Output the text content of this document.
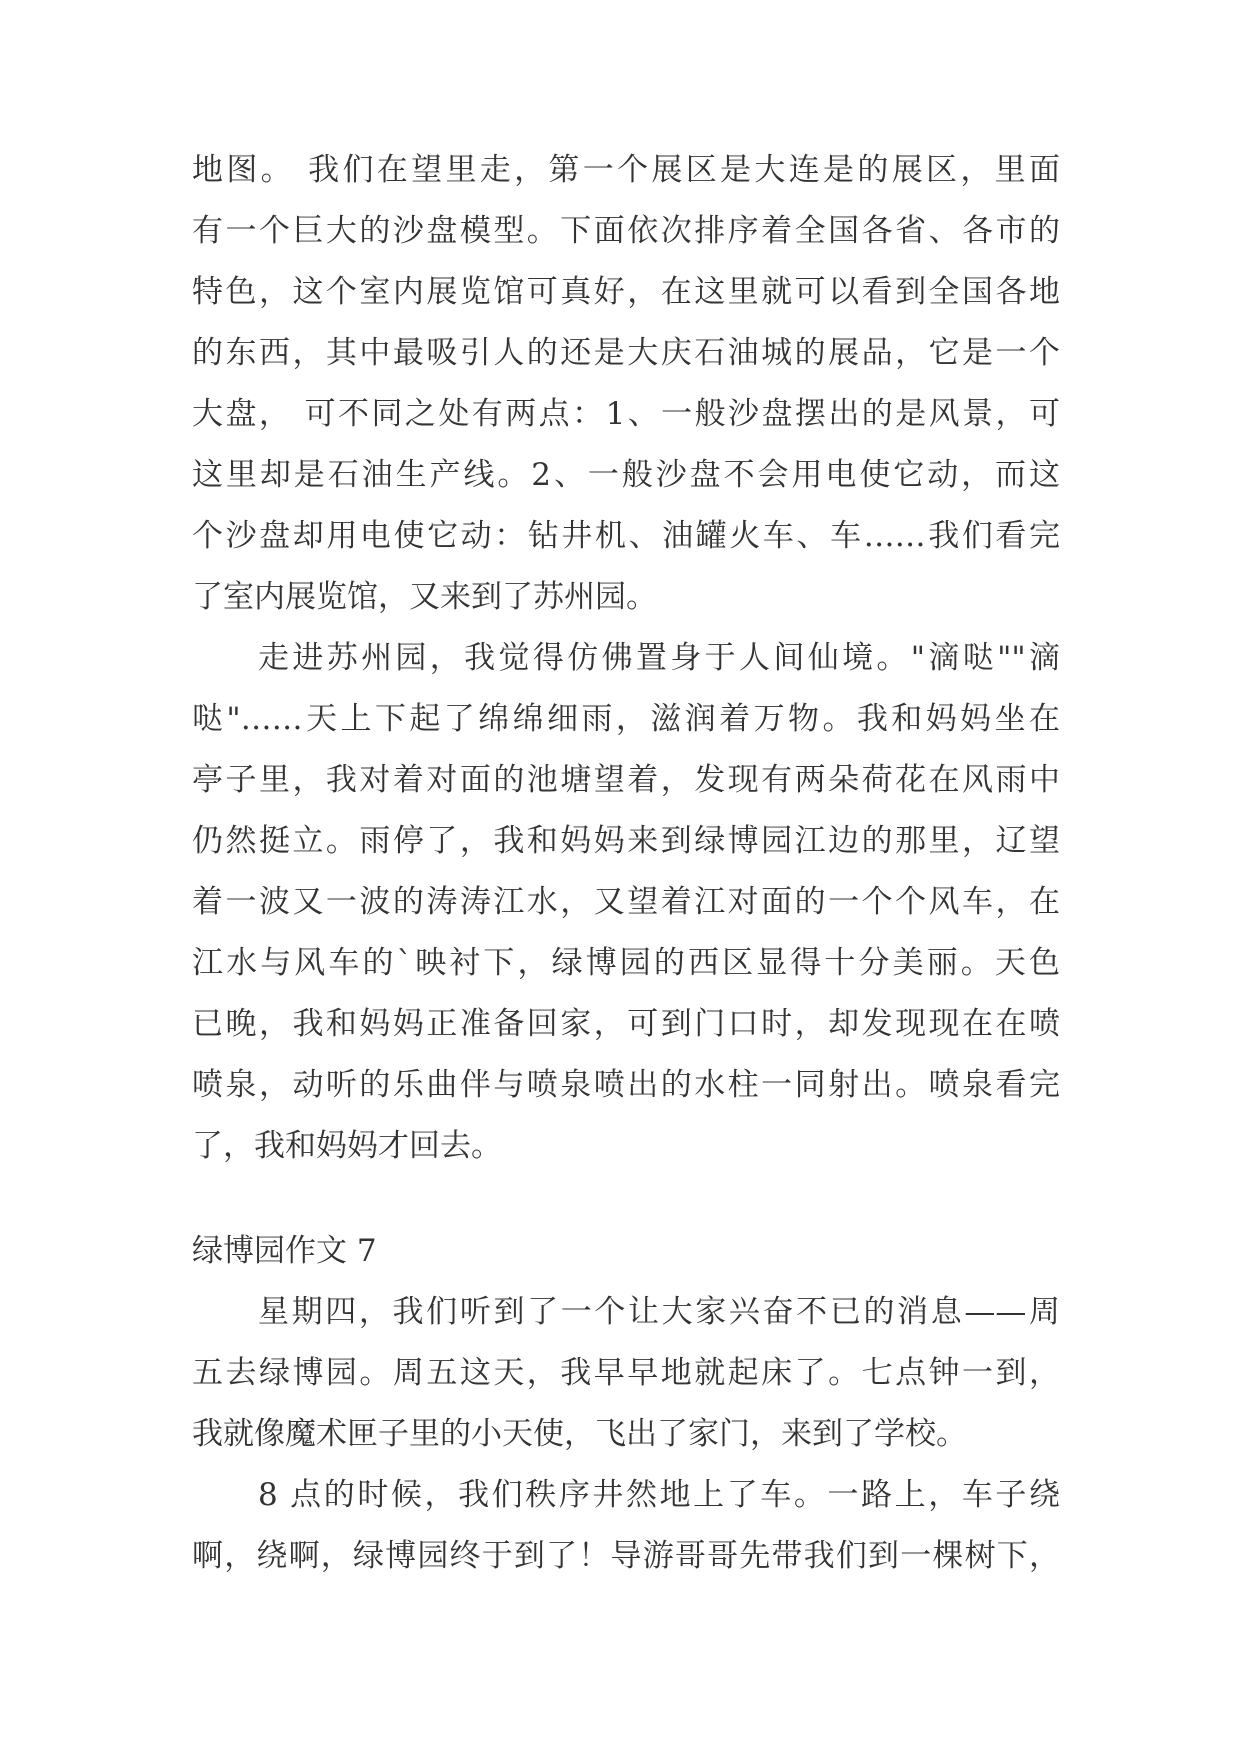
地图。 我们在望里走，第一个展区是大连是的展区，里面
有一个巨大的沙盘模型。下面依次排序着全国各省、各市的
特色，这个室内展览馆可真好，在这里就可以看到全国各地
的东西，其中最吸引人的还是大庆石油城的展品，它是一个
大盘， 可不同之处有两点：1、一般沙盘摆出的是风景，可
这里却是石油生产线。2、一般沙盘不会用电使它动，而这
个沙盘却用电使它动：钻井机、油罐火车、车……我们看完
了室内展览馆，又来到了苏州园。
走进苏州园，我觉得仿佛置身于人间仙境。"滴哒""滴
哒"……天上下起了绵绵细雨，滋润着万物。我和妈妈坐在
亭子里，我对着对面的池塘望着，发现有两朵荷花在风雨中
仍然挺立。雨停了，我和妈妈来到绿博园江边的那里，辽望
着一波又一波的涛涛江水，又望着江对面的一个个风车，在
江水与风车的`映衬下，绿博园的西区显得十分美丽。天色
已晚，我和妈妈正准备回家，可到门口时，却发现现在在喷
喷泉，动听的乐曲伴与喷泉喷出的水柱一同射出。喷泉看完
了，我和妈妈才回去。
绿博园作文 7
星期四，我们听到了一个让大家兴奋不已的消息——周
五去绿博园。周五这天，我早早地就起床了。七点钟一到，
我就像魔术匣子里的小天使，飞出了家门，来到了学校。
8 点的时候，我们秩序井然地上了车。一路上，车子绕
啊，绕啊，绿博园终于到了！导游哥哥先带我们到一棵树下，
